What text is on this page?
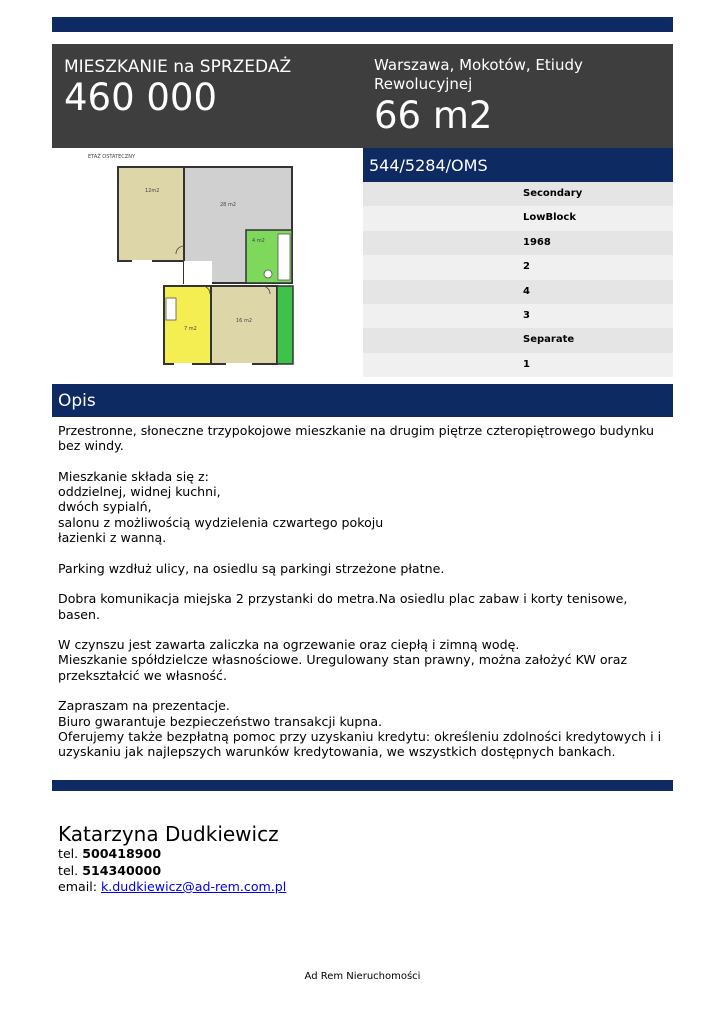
MIESZKANIE na SPRZEDAŻ
460 000
Warszawa, Mokotów, Etiudy Rewolucyjnej
66 m2
ETAŻ OSTATECZNY
12m2
28 m2
4 m2
7 m2
16 m2
544/5284/OMS
Secondary
LowBlock
1968
2
4
3
Separate
1
Opis

Przestronne, słoneczne trzypokojowe mieszkanie na drugim piętrze czteropiętrowego budynku bez windy.

Mieszkanie składa się z:

oddzielnej, widnej kuchni,

dwóch sypialń,

salonu z możliwością wydzielenia czwartego pokoju

łazienki z wanną.

Parking wzdłuż ulicy, na osiedlu są parkingi strzeżone płatne.

Dobra komunikacja miejska 2 przystanki do metra.Na osiedlu plac zabaw i korty tenisowe, basen.

W czynszu jest zawarta zaliczka na ogrzewanie oraz ciepłą i zimną wodę.

Mieszkanie spółdzielcze własnościowe. Uregulowany stan prawny, można założyć KW oraz przekształcić we własność.

Zapraszam na prezentacje.

Biuro gwarantuje bezpieczeństwo transakcji kupna.

Oferujemy także bezpłatną pomoc przy uzyskaniu kredytu: określeniu zdolności kredytowych i i uzyskaniu jak najlepszych warunków kredytowania, we wszystkich dostępnych bankach.

Katarzyna Dudkiewicz
tel. 500418900
tel. 514340000
email: k.dudkiewicz@ad-rem.com.pl
Ad Rem Nieruchomości
